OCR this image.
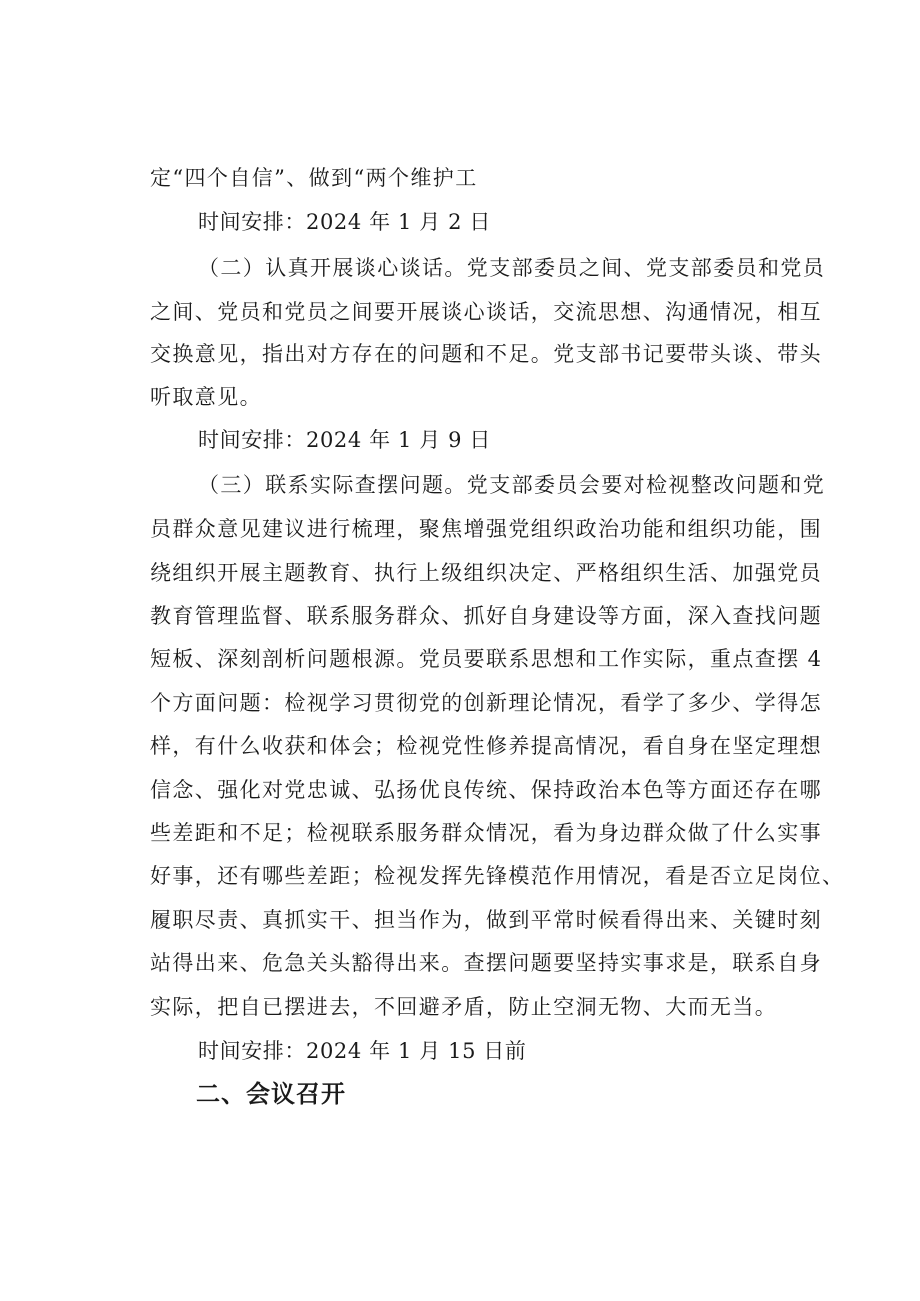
定“四个自信”、做到“两个维护工
时间安排：2024 年 1 月 2 日
（二）认真开展谈心谈话。党支部委员之间、党支部委员和党员
之间、党员和党员之间要开展谈心谈话，交流思想、沟通情况，相互
交换意见，指出对方存在的问题和不足。党支部书记要带头谈、带头
听取意见。
时间安排：2024 年 1 月 9 日
（三）联系实际查摆问题。党支部委员会要对检视整改问题和党
员群众意见建议进行梳理，聚焦增强党组织政治功能和组织功能，围
绕组织开展主题教育、执行上级组织决定、严格组织生活、加强党员
教育管理监督、联系服务群众、抓好自身建设等方面，深入查找问题
短板、深刻剖析问题根源。党员要联系思想和工作实际，重点查摆 4
个方面问题：检视学习贯彻党的创新理论情况，看学了多少、学得怎
样，有什么收获和体会；检视党性修养提高情况，看自身在坚定理想
信念、强化对党忠诚、弘扬优良传统、保持政治本色等方面还存在哪
些差距和不足；检视联系服务群众情况，看为身边群众做了什么实事
好事，还有哪些差距；检视发挥先锋模范作用情况，看是否立足岗位、
履职尽责、真抓实干、担当作为，做到平常时候看得出来、关键时刻
站得出来、危急关头豁得出来。查摆问题要坚持实事求是，联系自身
实际，把自已摆进去，不回避矛盾，防止空洞无物、大而无当。
时间安排：2024 年 1 月 15 日前
二、会议召开
